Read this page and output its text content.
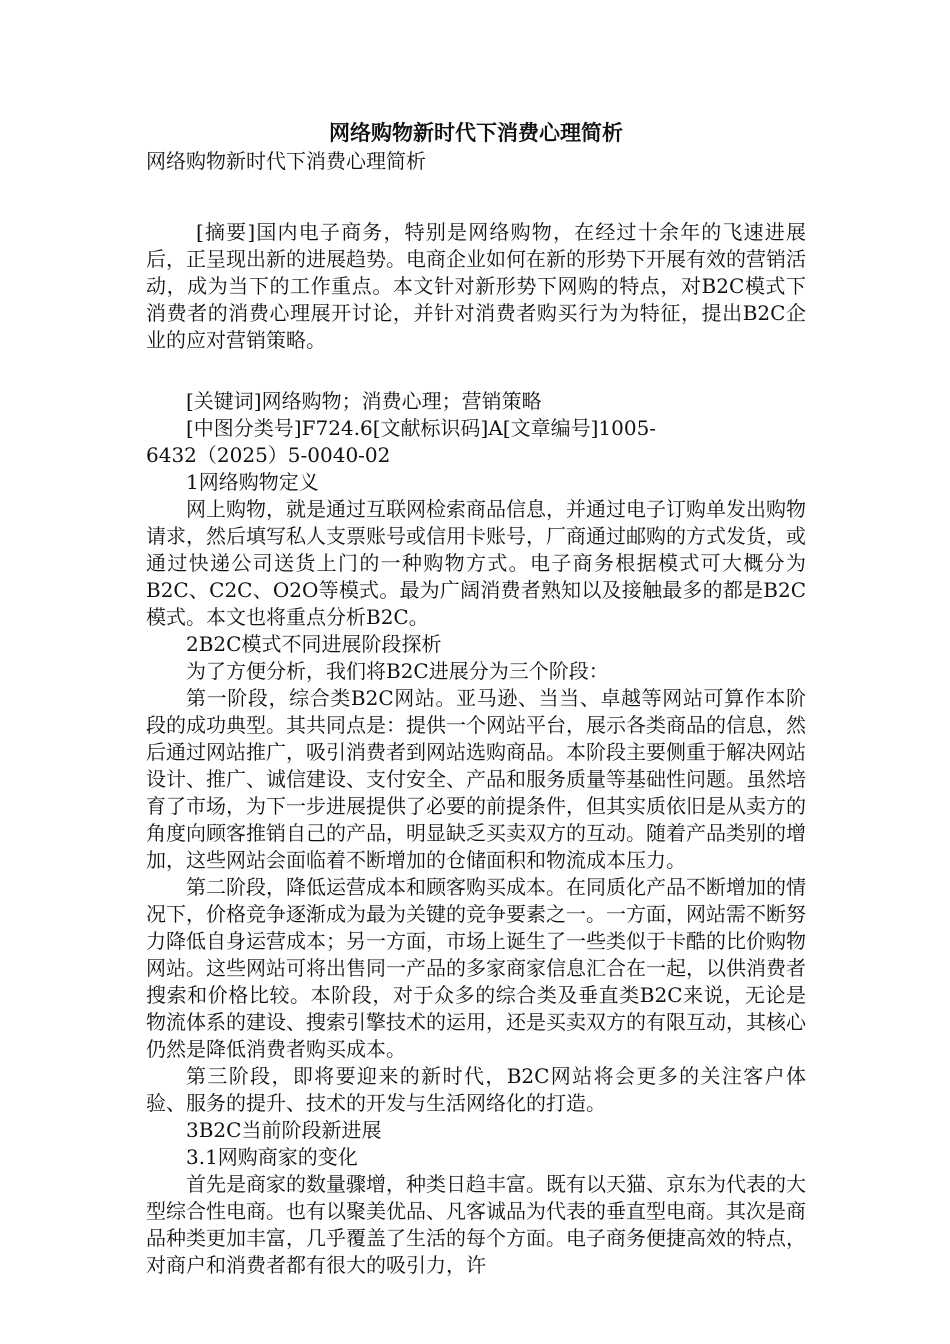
网络购物新时代下消费心理简析

网络购物新时代下消费心理简析

[摘要]国内电子商务，特别是网络购物，在经过十余年的飞速进展后，正呈现出新的进展趋势。电商企业如何在新的形势下开展有效的营销活动，成为当下的工作重点。本文针对新形势下网购的特点，对B2C模式下消费者的消费心理展开讨论，并针对消费者购买行为为特征，提出B2C企业的应对营销策略。

[关键词]网络购物；消费心理；营销策略

[中图分类号]F724.6[文献标识码]A[文章编号]1005-

6432（2025）5-0040-02

1网络购物定义

网上购物，就是通过互联网检索商品信息，并通过电子订购单发出购物请求，然后填写私人支票账号或信用卡账号，厂商通过邮购的方式发货，或通过快递公司送货上门的一种购物方式。电子商务根据模式可大概分为B2C、C2C、O2O等模式。最为广阔消费者熟知以及接触最多的都是B2C模式。本文也将重点分析B2C。

2B2C模式不同进展阶段探析

为了方便分析，我们将B2C进展分为三个阶段：

第一阶段，综合类B2C网站。亚马逊、当当、卓越等网站可算作本阶段的成功典型。其共同点是：提供一个网站平台，展示各类商品的信息，然后通过网站推广，吸引消费者到网站选购商品。本阶段主要侧重于解决网站设计、推广、诚信建设、支付安全、产品和服务质量等基础性问题。虽然培育了市场，为下一步进展提供了必要的前提条件，但其实质依旧是从卖方的角度向顾客推销自己的产品，明显缺乏买卖双方的互动。随着产品类别的增加，这些网站会面临着不断增加的仓储面积和物流成本压力。

第二阶段，降低运营成本和顾客购买成本。在同质化产品不断增加的情况下，价格竞争逐渐成为最为关键的竞争要素之一。一方面，网站需不断努力降低自身运营成本；另一方面，市场上诞生了一些类似于卡酷的比价购物网站。这些网站可将出售同一产品的多家商家信息汇合在一起，以供消费者搜索和价格比较。本阶段，对于众多的综合类及垂直类B2C来说，无论是物流体系的建设、搜索引擎技术的运用，还是买卖双方的有限互动，其核心仍然是降低消费者购买成本。

第三阶段，即将要迎来的新时代，B2C网站将会更多的关注客户体验、服务的提升、技术的开发与生活网络化的打造。

3B2C当前阶段新进展

3.1网购商家的变化

首先是商家的数量骤增，种类日趋丰富。既有以天猫、京东为代表的大型综合性电商。也有以聚美优品、凡客诚品为代表的垂直型电商。其次是商品种类更加丰富，几乎覆盖了生活的每个方面。电子商务便捷高效的特点，对商户和消费者都有很大的吸引力，许
